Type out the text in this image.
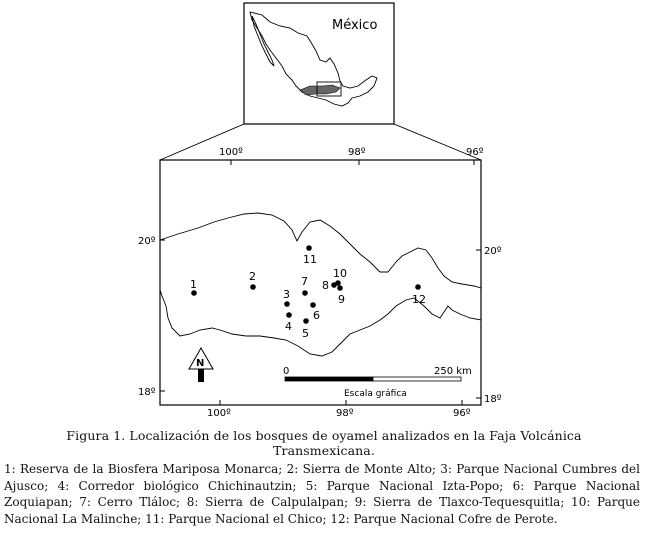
México
100º	98º	96º
100º	98º	96º
20º
18º
20º
18º
1
2
3
4
5
6
7 8
9
10
11
12
N
0	250 km
Escala gráfica
Figura 1. Localización de los bosques de oyamel analizados en la Faja Volcánica Transmexicana.
1: Reserva de la Biosfera Mariposa Monarca; 2: Sierra de Monte Alto; 3: Parque Nacional Cumbres del Ajusco; 4: Corredor biológico Chichinautzin; 5: Parque Nacional Izta-Popo; 6: Parque Nacional Zoquiapan; 7: Cerro Tláloc; 8: Sierra de Calpulalpan; 9: Sierra de Tlaxco-Tequesquitla; 10: Parque Nacional La Malinche; 11: Parque Nacional el Chico; 12: Parque Nacional Cofre de Perote.
